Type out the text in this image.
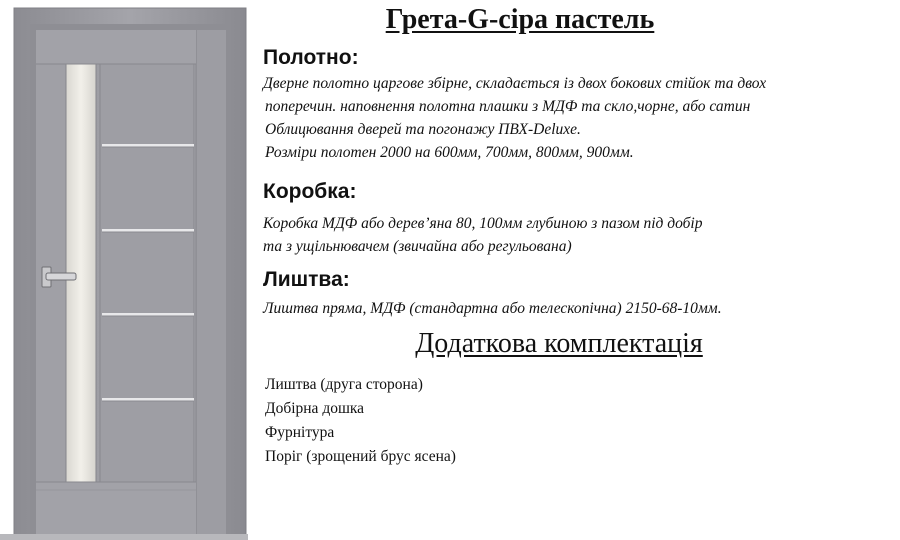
Грета-G-сіра пастель
Полотно:
Дверне полотно царгове збірне, складається із двох бокових стійок та двох
поперечин. наповнення полотна плашки з МДФ та скло,чорне, або сатин
Облицювання дверей та погонажу ПВХ-Deluxe.
Розміри полотен 2000 на 600мм, 700мм, 800мм, 900мм.
Коробка:
Коробка МДФ або дерев’яна 80, 100мм глубиною з пазом під добір
та з ущільнювачем (звичайна або регульована)
Лиштва:
Лиштва пряма, МДФ (стандартна або телескопічна) 2150-68-10мм.
Додаткова комплектація
Лиштва (друга сторона)
Добірна дошка
Фурнітура
Поріг (зрощений брус ясена)
